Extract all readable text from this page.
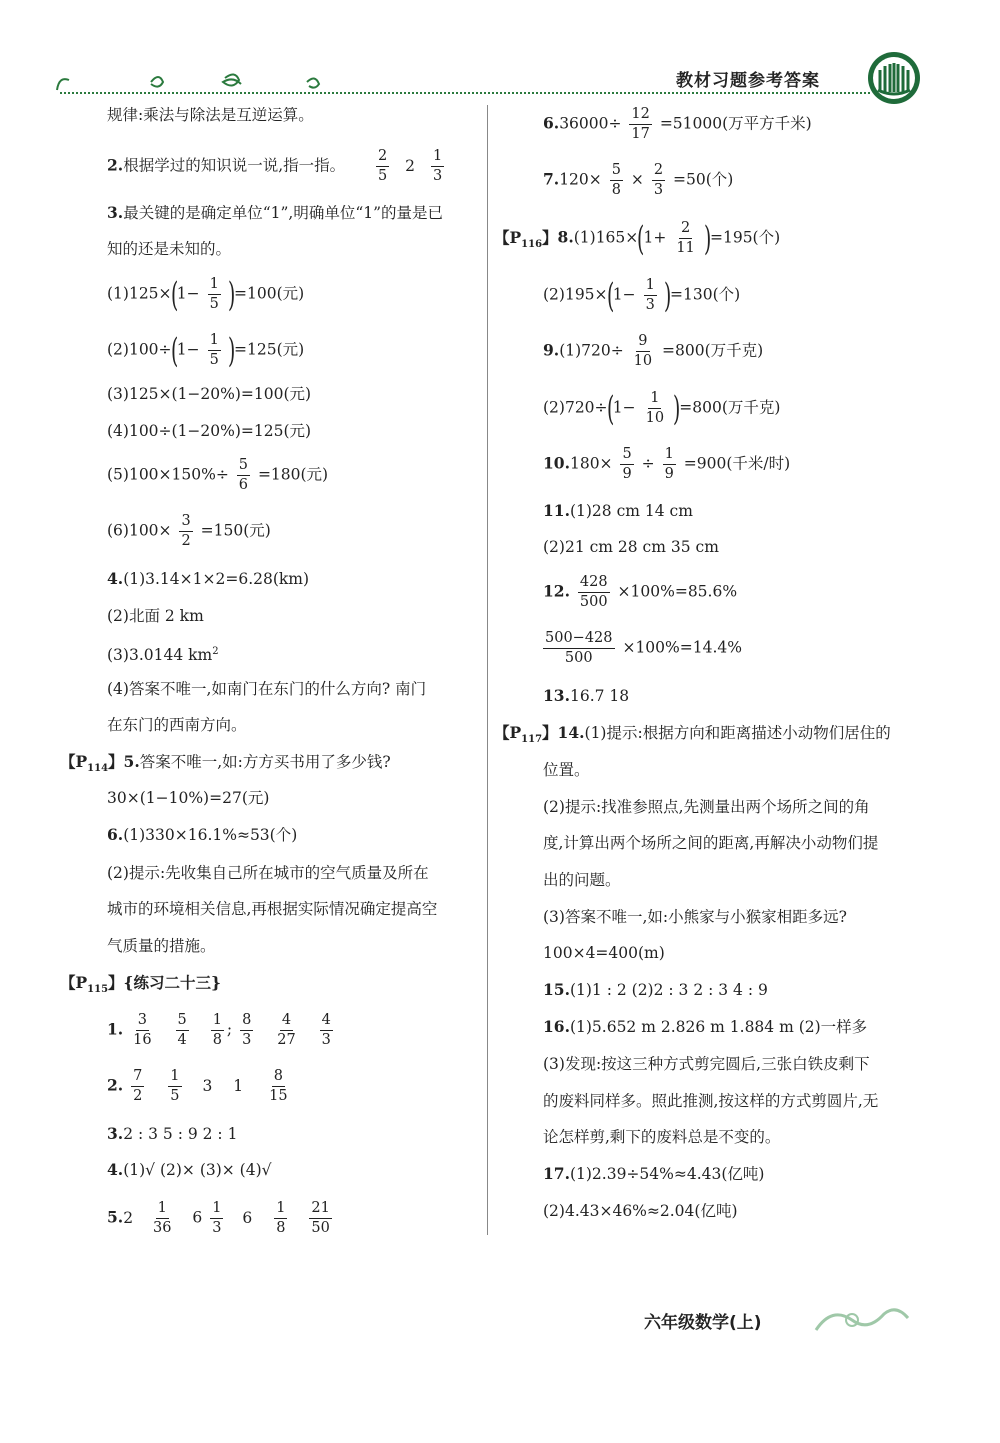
教材习题参考答案
规律:乘法与除法是互逆运算。
2.根据学过的知识说一说,指一指。 $\frac{2}{5} 2 \frac{1}{3}$
3.最关键的是确定单位“1”,明确单位“1”的量是已
知的还是未知的。
$(1)125\times(1- \frac{1}{5} )=100$(元)
$(2)100\div(1- \frac{1}{5} )=125$(元)
(3)125×(1−20%)=100(元)
(4)100÷(1−20%)=125(元)
$(5)100\times 150\%\div \frac{5}{6} =180$(元)
$(6)100\times \frac{3}{2} =150$(元)
4.(1)3.14×1×2=6.28(km)
(2)北面 2 km
(3)3.0144 $km^2$
(4)答案不唯一,如南门在东门的什么方向? 南门
在东门的西南方向。
【$P_{114}$】5.答案不唯一,如:方方买书用了多少钱?
30×(1−10%)=27(元)
6.(1)330×16.1%≈53(个)
(2)提示:先收集自己所在城市的空气质量及所在
城市的环境相关信息,再根据实际情况确定提高空
气质量的措施。
【$P_{115}$】{练习二十三}
1. $\frac{3}{16}$
$\frac{5}{4}$
$\frac{1}{8}$ ; $\frac{8}{3}$
$\frac{4}{27}$
$\frac{4}{3}$
2. $\frac{7}{2}$
$\frac{1}{5} 3$ $1 \frac{8}{15}$
3.2 : 3 5 : 9 2 : 1
4.(1)√ (2)× (3)× (4)√
$5.2 \frac{1}{36} 6 \frac{1}{3} 6 \frac{1}{8}$
$\frac{21}{50}$
$6.36000\div \frac{12}{17} =51000$(万平方千米)
$7.120\times \frac{5}{8} \times \frac{2}{3} =50$(个)
【$P_{116}$】$8.(1)165\times(1+ \frac{2}{11} )=195$(个)
$(2)195\times(1- \frac{1}{3} )=130$(个)
$9.(1)720\div \frac{9}{10} =800$(万千克)
$(2)720\div(1- \frac{1}{10} )=800$(万千克)
$10.180\times \frac{5}{9} \div \frac{1}{9} =900$(千米/时)
11.(1)28 cm 14 cm
(2)21 cm 28 cm 35 cm
12. $\frac{428}{500} \times 100\%=85.6\%$
$\frac{500-428}{500} \times 100\%=14.4\%$
13.16.7 18
【$P_{117}$】14.(1)提示:根据方向和距离描述小动物们居住的
位置。
(2)提示:找准参照点,先测量出两个场所之间的角
度,计算出两个场所之间的距离,再解决小动物们提
出的问题。
(3)答案不唯一,如:小熊家与小猴家相距多远?
100×4=400(m)
15.(1)1 : 2 (2)2 : 3 2 : 3 4 : 9
16.(1)5.652 m 2.826 m 1.884 m (2)一样多
(3)发现:按这三种方式剪完圆后,三张白铁皮剩下
的废料同样多。照此推测,按这样的方式剪圆片,无
论怎样剪,剩下的废料总是不变的。
17.(1)2.39÷54%≈4.43(亿吨)
(2)4.43×46%≈2.04(亿吨)
六年级数学(上)
